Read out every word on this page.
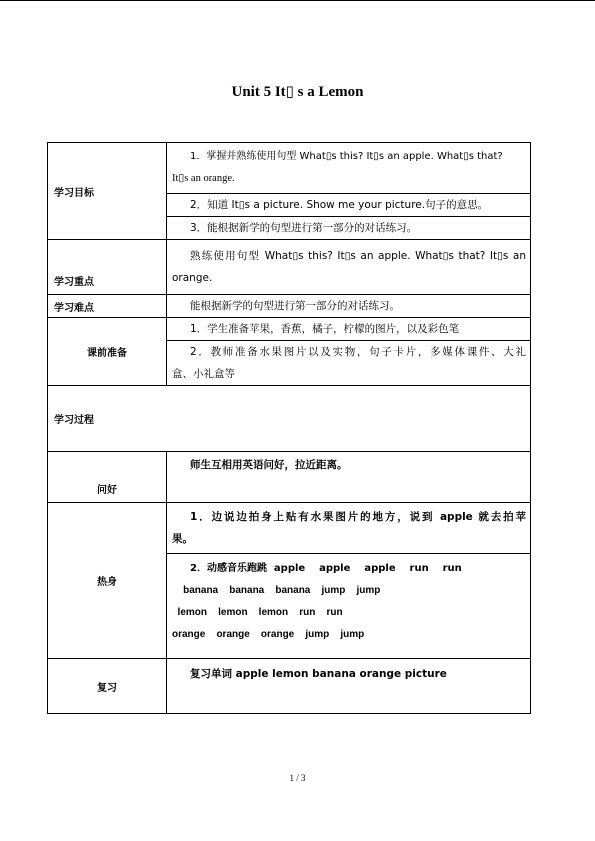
Unit 5 It▯ s a Lemon
学习目标	1．掌握并熟练使用句型 What▯s this? It▯s an apple. What▯s that?
It▯s an orange.

	2．知道 It▯s a picture. Show me your picture.句子的意思。

	3．能根据新学的句型进行第一部分的对话练习。

学习重点	熟练使用句型 What▯s this? It▯s an apple. What▯s that? It▯s an
orange.

学习难点	能根据新学的句型进行第一部分的对话练习。

课前准备	1．学生准备苹果，香蕉，橘子，柠檬的图片，以及彩色笔

	2．教师准备水果图片以及实物，句子卡片，多媒体课件、大礼
盒、小礼盒等

学习过程	
问好	师生互相用英语问好，拉近距离。

热身	1．边说边拍身上贴有水果图片的地方，说到 apple 就去拍苹
果。

	2．动感音乐跑跳  apple    apple    apple    run    run
banana    banana    banana    jump    jump
lemon    lemon    lemon    run    run
orange    orange    orange    jump    jump

复习	复习单词 apple lemon banana orange picture
1 / 3
